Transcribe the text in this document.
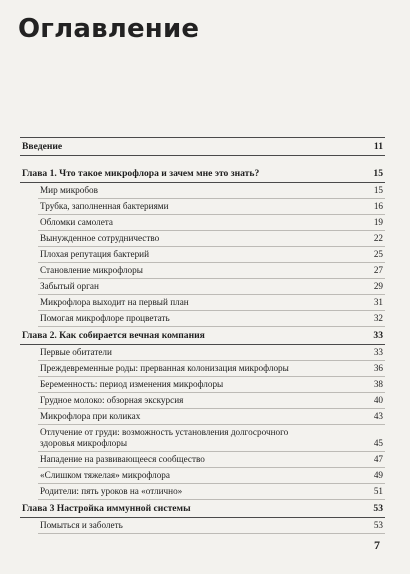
Оглавление
Введение	11
Глава 1. Что такое микрофлора и зачем мне это знать?	15
Мир микробов	15
Трубка, заполненная бактериями	16
Обломки самолета	19
Вынужденное сотрудничество	22
Плохая репутация бактерий	25
Становление микрофлоры	27
Забытый орган	29
Микрофлора выходит на первый план	31
Помогая микрофлоре процветать	32
Глава 2. Как собирается вечная компания	33
Первые обитатели	33
Преждевременные роды: прерванная колонизация микрофлоры	36
Беременность: период изменения микрофлоры	38
Грудное молоко: обзорная экскурсия	40
Микрофлора при коликах	43
Отлучение от груди: возможность установления долгосрочного здоровья микрофлоры	45
Нападение на развивающееся сообщество	47
«Слишком тяжелая» микрофлора	49
Родители: пять уроков на «отлично»	51
Глава 3 Настройка иммунной системы	53
Помыться и заболеть	53
7
